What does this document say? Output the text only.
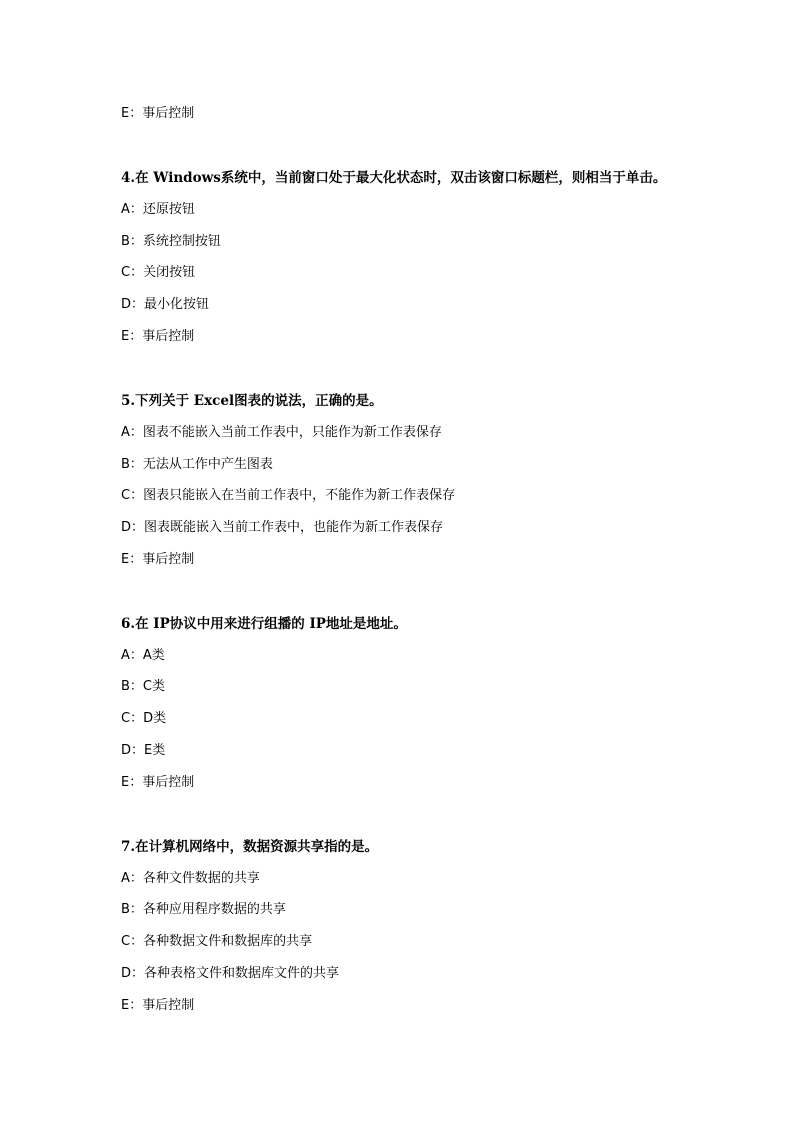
E：事后控制
4.在 Windows系统中，当前窗口处于最大化状态时，双击该窗口标题栏，则相当于单击。
A：还原按钮
B：系统控制按钮
C：关闭按钮
D：最小化按钮
E：事后控制
5.下列关于 Excel图表的说法，正确的是。
A：图表不能嵌入当前工作表中，只能作为新工作表保存
B：无法从工作中产生图表
C：图表只能嵌入在当前工作表中，不能作为新工作表保存
D：图表既能嵌入当前工作表中，也能作为新工作表保存
E：事后控制
6.在 IP协议中用来进行组播的 IP地址是地址。
A：A类
B：C类
C：D类
D：E类
E：事后控制
7.在计算机网络中，数据资源共享指的是。
A：各种文件数据的共享
B：各种应用程序数据的共享
C：各种数据文件和数据库的共享
D：各种表格文件和数据库文件的共享
E：事后控制
